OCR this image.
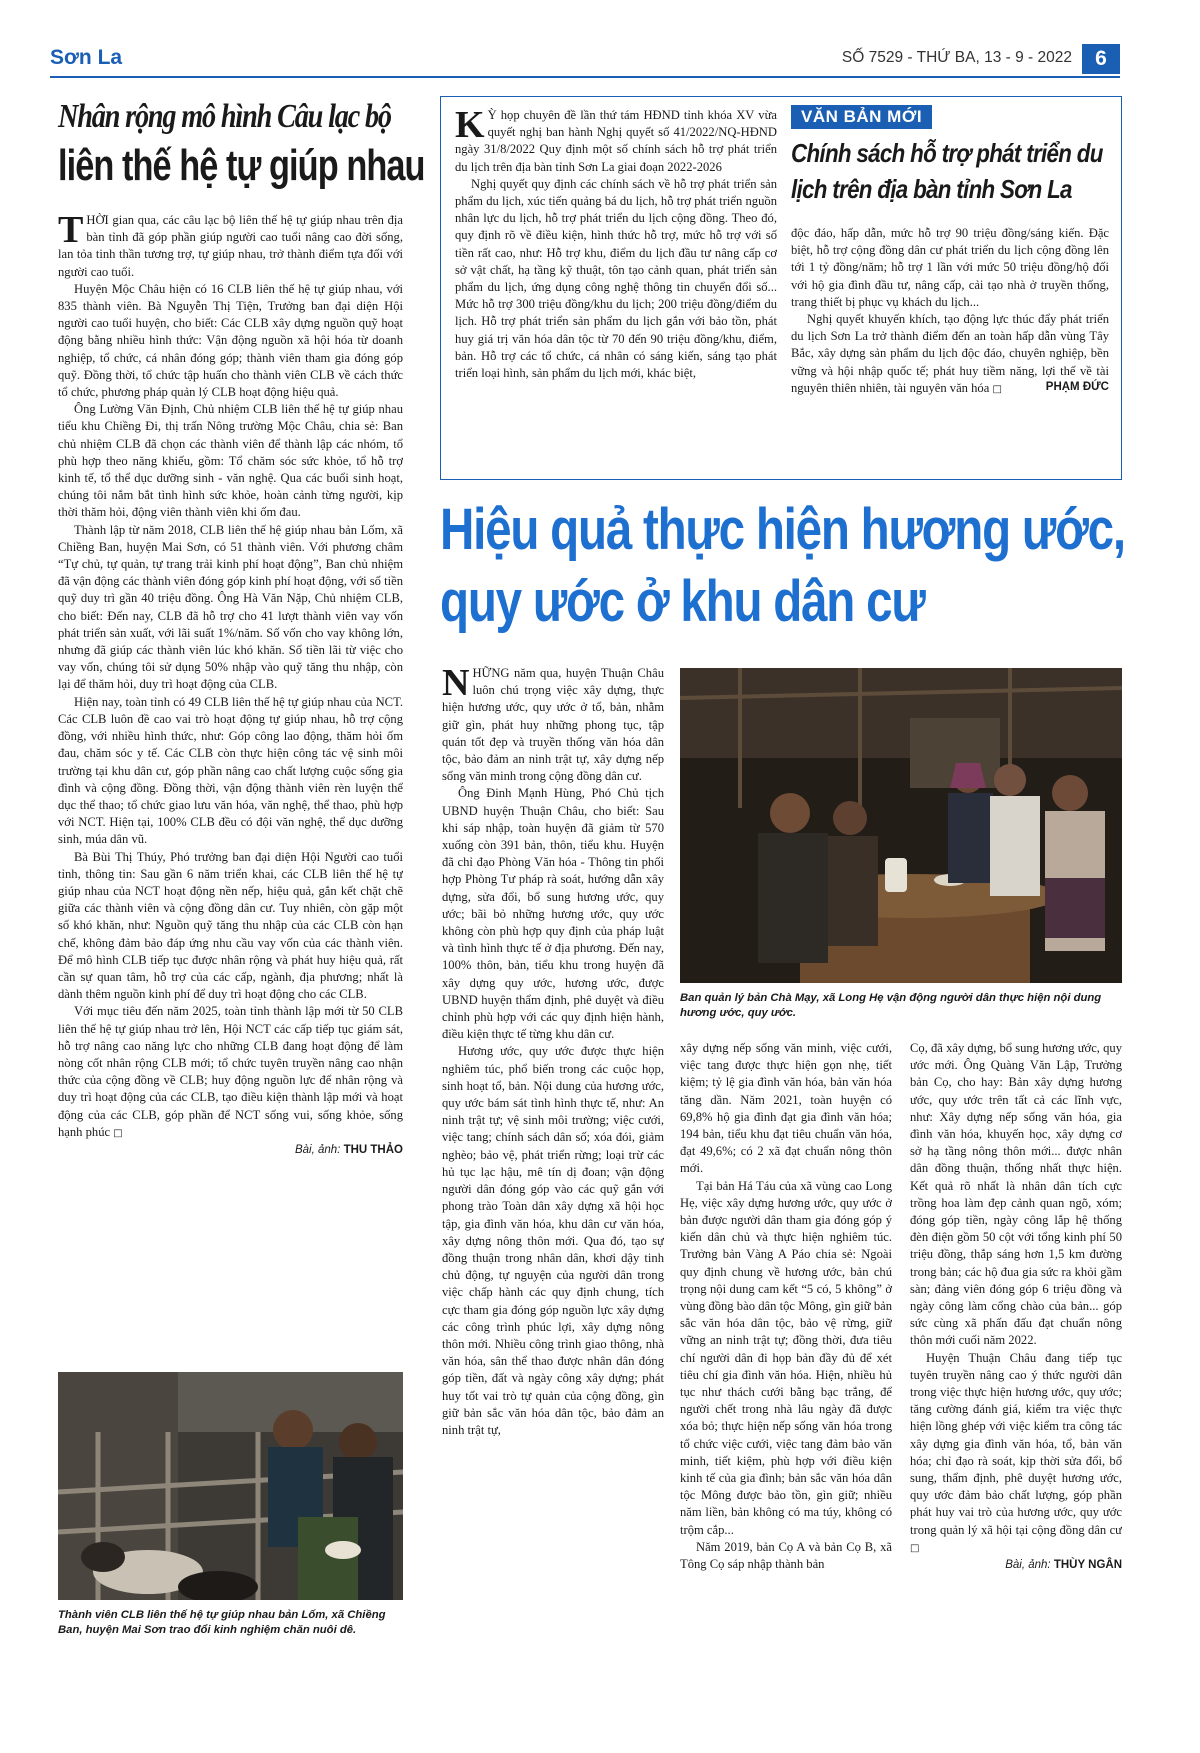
Sơn La	SỐ 7529 - THỨ BA, 13 - 9 - 2022	6
Nhân rộng mô hình Câu lạc bộ
liên thế hệ tự giúp nhau

THỜI gian qua, các câu lạc bộ liên thế hệ tự giúp nhau trên địa bàn tỉnh đã góp phần giúp người cao tuổi nâng cao đời sống, lan tỏa tinh thần tương trợ, tự giúp nhau, trở thành điểm tựa đối với người cao tuổi.

Huyện Mộc Châu hiện có 16 CLB liên thế hệ tự giúp nhau, với 835 thành viên. Bà Nguyễn Thị Tiện, Trưởng ban đại diện Hội người cao tuổi huyện, cho biết: Các CLB xây dựng nguồn quỹ hoạt động bằng nhiều hình thức: Vận động nguồn xã hội hóa từ doanh nghiệp, tổ chức, cá nhân đóng góp; thành viên tham gia đóng góp quỹ. Đồng thời, tổ chức tập huấn cho thành viên CLB về cách thức tổ chức, phương pháp quản lý CLB hoạt động hiệu quả.

Ông Lường Văn Định, Chủ nhiệm CLB liên thế hệ tự giúp nhau tiểu khu Chiềng Đi, thị trấn Nông trường Mộc Châu, chia sẻ: Ban chủ nhiệm CLB đã chọn các thành viên để thành lập các nhóm, tổ phù hợp theo năng khiếu, gồm: Tổ chăm sóc sức khỏe, tổ hỗ trợ kinh tế, tổ thể dục dưỡng sinh - văn nghệ. Qua các buổi sinh hoạt, chúng tôi nắm bắt tình hình sức khỏe, hoàn cảnh từng người, kịp thời thăm hỏi, động viên thành viên khi ốm đau.

Thành lập từ năm 2018, CLB liên thế hệ giúp nhau bản Lốm, xã Chiềng Ban, huyện Mai Sơn, có 51 thành viên. Với phương châm “Tự chủ, tự quản, tự trang trải kinh phí hoạt động”, Ban chủ nhiệm đã vận động các thành viên đóng góp kinh phí hoạt động, với số tiền quỹ duy trì gần 40 triệu đồng. Ông Hà Văn Nặp, Chủ nhiệm CLB, cho biết: Đến nay, CLB đã hỗ trợ cho 41 lượt thành viên vay vốn phát triển sản xuất, với lãi suất 1%/năm. Số vốn cho vay không lớn, nhưng đã giúp các thành viên lúc khó khăn. Số tiền lãi từ việc cho vay vốn, chúng tôi sử dụng 50% nhập vào quỹ tăng thu nhập, còn lại để thăm hỏi, duy trì hoạt động của CLB.

Hiện nay, toàn tỉnh có 49 CLB liên thế hệ tự giúp nhau của NCT. Các CLB luôn đề cao vai trò hoạt động tự giúp nhau, hỗ trợ cộng đồng, với nhiều hình thức, như: Góp công lao động, thăm hỏi ốm đau, chăm sóc y tế. Các CLB còn thực hiện công tác vệ sinh môi trường tại khu dân cư, góp phần nâng cao chất lượng cuộc sống gia đình và cộng đồng. Đồng thời, vận động thành viên rèn luyện thể dục thể thao; tổ chức giao lưu văn hóa, văn nghệ, thể thao, phù hợp với NCT. Hiện tại, 100% CLB đều có đội văn nghệ, thể dục dưỡng sinh, múa dân vũ.

Bà Bùi Thị Thúy, Phó trưởng ban đại diện Hội Người cao tuổi tỉnh, thông tin: Sau gần 6 năm triển khai, các CLB liên thế hệ tự giúp nhau của NCT hoạt động nền nếp, hiệu quả, gắn kết chặt chẽ giữa các thành viên và cộng đồng dân cư. Tuy nhiên, còn gặp một số khó khăn, như: Nguồn quỹ tăng thu nhập của các CLB còn hạn chế, không đảm bảo đáp ứng nhu cầu vay vốn của các thành viên. Để mô hình CLB tiếp tục được nhân rộng và phát huy hiệu quả, rất cần sự quan tâm, hỗ trợ của các cấp, ngành, địa phương; nhất là dành thêm nguồn kinh phí để duy trì hoạt động cho các CLB.

Với mục tiêu đến năm 2025, toàn tỉnh thành lập mới từ 50 CLB liên thế hệ tự giúp nhau trở lên, Hội NCT các cấp tiếp tục giám sát, hỗ trợ nâng cao năng lực cho những CLB đang hoạt động để làm nòng cốt nhân rộng CLB mới; tổ chức tuyên truyền nâng cao nhận thức của cộng đồng về CLB; huy động nguồn lực để nhân rộng và duy trì hoạt động của các CLB, tạo điều kiện thành lập mới và hoạt động của các CLB, góp phần để NCT sống vui, sống khỏe, sống hạnh phúc □

Bài, ảnh: THU THẢO
Thành viên CLB liên thế hệ tự giúp nhau bản Lốm, xã Chiềng Ban, huyện Mai Sơn trao đổi kinh nghiệm chăn nuôi dê.

K Ỳ họp chuyên đề lần thứ tám HĐND tỉnh khóa XV vừa quyết nghị ban hành Nghị quyết số 41/2022/NQ-HĐND ngày 31/8/2022 Quy định một số chính sách hỗ trợ phát triển du lịch trên địa bàn tỉnh Sơn La giai đoạn 2022-2026

Nghị quyết quy định các chính sách về hỗ trợ phát triển sản phẩm du lịch, xúc tiến quảng bá du lịch, hỗ trợ phát triển nguồn nhân lực du lịch, hỗ trợ phát triển du lịch cộng đồng. Theo đó, quy định rõ về điều kiện, hình thức hỗ trợ, mức hỗ trợ với số tiền rất cao, như: Hỗ trợ khu, điểm du lịch đầu tư nâng cấp cơ sở vật chất, hạ tầng kỹ thuật, tôn tạo cảnh quan, phát triển sản phẩm du lịch, ứng dụng công nghệ thông tin chuyển đổi số... Mức hỗ trợ 300 triệu đồng/khu du lịch; 200 triệu đồng/điểm du lịch. Hỗ trợ phát triển sản phẩm du lịch gắn với bảo tồn, phát huy giá trị văn hóa dân tộc từ 70 đến 90 triệu đồng/khu, điểm, bản. Hỗ trợ các tổ chức, cá nhân có sáng kiến, sáng tạo phát triển loại hình, sản phẩm du lịch mới, khác biệt,

VĂN BẢN MỚI
Chính sách hỗ trợ phát triển du lịch trên địa bàn tỉnh Sơn La

độc đáo, hấp dẫn, mức hỗ trợ 90 triệu đồng/sáng kiến. Đặc biệt, hỗ trợ cộng đồng dân cư phát triển du lịch cộng đồng lên tới 1 tỷ đồng/năm; hỗ trợ 1 lần với mức 50 triệu đồng/hộ đối với hộ gia đình đầu tư, nâng cấp, cải tạo nhà ở truyền thống, trang thiết bị phục vụ khách du lịch...

Nghị quyết khuyến khích, tạo động lực thúc đẩy phát triển du lịch Sơn La trở thành điểm đến an toàn hấp dẫn vùng Tây Bắc, xây dựng sản phẩm du lịch độc đáo, chuyên nghiệp, bền vững và hội nhập quốc tế; phát huy tiềm năng, lợi thế về tài nguyên thiên nhiên, tài nguyên văn hóa □	PHẠM ĐỨC
Hiệu quả thực hiện hương ước,
quy ước ở khu dân cư

NHỮNG năm qua, huyện Thuận Châu luôn chú trọng việc xây dựng, thực hiện hương ước, quy ước ở tổ, bản, nhằm giữ gìn, phát huy những phong tục, tập quán tốt đẹp và truyền thống văn hóa dân tộc, bảo đảm an ninh trật tự, xây dựng nếp sống văn minh trong cộng đồng dân cư.

Ông Đinh Mạnh Hùng, Phó Chủ tịch UBND huyện Thuận Châu, cho biết: Sau khi sáp nhập, toàn huyện đã giảm từ 570 xuống còn 391 bản, thôn, tiểu khu. Huyện đã chỉ đạo Phòng Văn hóa - Thông tin phối hợp Phòng Tư pháp rà soát, hướng dẫn xây dựng, sửa đổi, bổ sung hương ước, quy ước; bãi bỏ những hương ước, quy ước không còn phù hợp quy định của pháp luật và tình hình thực tế ở địa phương. Đến nay, 100% thôn, bản, tiểu khu trong huyện đã xây dựng quy ước, hương ước, được UBND huyện thẩm định, phê duyệt và điều chỉnh phù hợp với các quy định hiện hành, điều kiện thực tế từng khu dân cư.

Hương ước, quy ước được thực hiện nghiêm túc, phổ biến trong các cuộc họp, sinh hoạt tổ, bản. Nội dung của hương ước, quy ước bám sát tình hình thực tế, như: An ninh trật tự; vệ sinh môi trường; việc cưới, việc tang; chính sách dân số; xóa đói, giảm nghèo; bảo vệ, phát triển rừng; loại trừ các hủ tục lạc hậu, mê tín dị đoan; vận động người dân đóng góp vào các quỹ gắn với phong trào Toàn dân xây dựng xã hội học tập, gia đình văn hóa, khu dân cư văn hóa, xây dựng nông thôn mới. Qua đó, tạo sự đồng thuận trong nhân dân, khơi dậy tinh chủ động, tự nguyện của người dân trong việc chấp hành các quy định chung, tích cực tham gia đóng góp nguồn lực xây dựng các công trình phúc lợi, xây dựng nông thôn mới. Nhiều công trình giao thông, nhà văn hóa, sân thể thao được nhân dân đóng góp tiền, đất và ngày công xây dựng; phát huy tốt vai trò tự quản của cộng đồng, gìn giữ bản sắc văn hóa dân tộc, bảo đảm an ninh trật tự,

Ban quản lý bản Chà Mạy, xã Long Hẹ vận động người dân thực hiện nội dung hương ước, quy ước.

xây dựng nếp sống văn minh, việc cưới, việc tang được thực hiện gọn nhẹ, tiết kiệm; tỷ lệ gia đình văn hóa, bản văn hóa tăng dần. Năm 2021, toàn huyện có 69,8% hộ gia đình đạt gia đình văn hóa; 194 bản, tiểu khu đạt tiêu chuẩn văn hóa, đạt 49,6%; có 2 xã đạt chuẩn nông thôn mới.

Tại bản Há Táu của xã vùng cao Long Hẹ, việc xây dựng hương ước, quy ước ở bản được người dân tham gia đóng góp ý kiến dân chủ và thực hiện nghiêm túc. Trưởng bản Vàng A Páo chia sẻ: Ngoài quy định chung về hương ước, bản chú trọng nội dung cam kết “5 có, 5 không” ở vùng đồng bào dân tộc Mông, gìn giữ bản sắc văn hóa dân tộc, bảo vệ rừng, giữ vững an ninh trật tự; đồng thời, đưa tiêu chí người dân đi họp bản đầy đủ để xét tiêu chí gia đình văn hóa. Hiện, nhiều hủ tục như thách cưới bằng bạc trắng, để người chết trong nhà lâu ngày đã được xóa bỏ; thực hiện nếp sống văn hóa trong tổ chức việc cưới, việc tang đảm bảo văn minh, tiết kiệm, phù hợp với điều kiện kinh tế của gia đình; bản sắc văn hóa dân tộc Mông được bảo tồn, gìn giữ; nhiều năm liền, bản không có ma túy, không có trộm cắp...

Năm 2019, bản Cọ A và bản Cọ B, xã Tông Cọ sáp nhập thành bản

Cọ, đã xây dựng, bổ sung hương ước, quy ước mới. Ông Quàng Văn Lập, Trưởng bản Cọ, cho hay: Bản xây dựng hương ước, quy ước trên tất cả các lĩnh vực, như: Xây dựng nếp sống văn hóa, gia đình văn hóa, khuyến học, xây dựng cơ sở hạ tầng nông thôn mới... được nhân dân đồng thuận, thống nhất thực hiện. Kết quả rõ nhất là nhân dân tích cực trồng hoa làm đẹp cảnh quan ngõ, xóm; đóng góp tiền, ngày công lắp hệ thống đèn điện gồm 50 cột với tổng kinh phí 50 triệu đồng, thắp sáng hơn 1,5 km đường trong bản; các hộ đua gia sức ra khỏi gầm sàn; đảng viên đóng góp 6 triệu đồng và ngày công làm cổng chào của bản... góp sức cùng xã phấn đấu đạt chuẩn nông thôn mới cuối năm 2022.

Huyện Thuận Châu đang tiếp tục tuyên truyền nâng cao ý thức người dân trong việc thực hiện hương ước, quy ước; tăng cường đánh giá, kiểm tra việc thực hiện lồng ghép với việc kiểm tra công tác xây dựng gia đình văn hóa, tổ, bản văn hóa; chỉ đạo rà soát, kịp thời sửa đổi, bổ sung, thẩm định, phê duyệt hương ước, quy ước đảm bảo chất lượng, góp phần phát huy vai trò của hương ước, quy ước trong quản lý xã hội tại cộng đồng dân cư □

Bài, ảnh: THÙY NGÂN
